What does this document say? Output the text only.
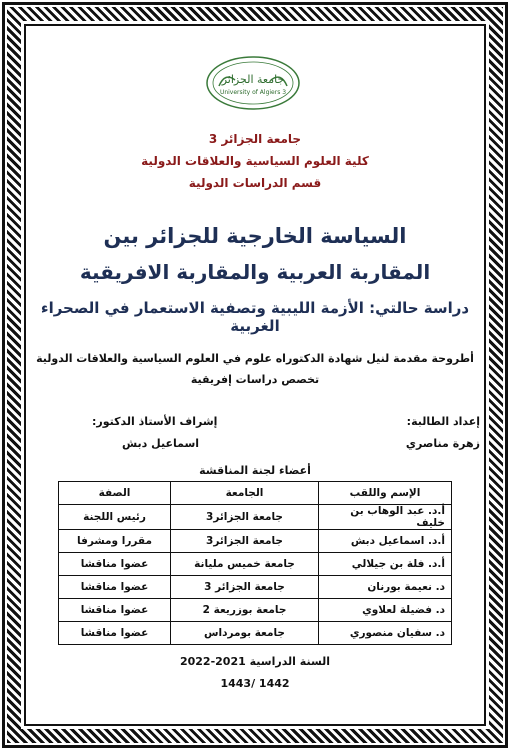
جامعة الجزائر
University of Algiers 3
جامعة الجزائر 3
كلية العلوم السياسية والعلاقات الدولية
قسم الدراسات الدولية
السياسة الخارجية للجزائر بين
المقاربة العربية والمقاربة الافريقية
دراسة حالتي: الأزمة الليبية وتصفية الاستعمار في الصحراء الغربية
أطروحة مقدمة لنيل شهادة الدكتوراه علوم في العلوم السياسية والعلاقات الدولية
تخصص دراسات إفريقية
إعداد الطالبة:
زهرة مناصري
إشراف الأستاذ الدكتور:
اسماعيل دبش
أعضاء لجنة المناقشة
الإسم واللقب	الجامعة	الصفة
أ.د. عبد الوهاب بن خليف	جامعة الجزائر3	رئيس اللجنة
أ.د. اسماعيل دبش	جامعة الجزائر3	مقررا ومشرفا
أ.د. فلة بن جيلالي	جامعة خميس مليانة	عضوا مناقشا
د. نعيمة بورنان	جامعة الجزائر 3	عضوا مناقشا
د. فضيلة لعلاوي	جامعة بوزريعة 2	عضوا مناقشا
د. سفيان منصوري	جامعة بومرداس	عضوا مناقشا
السنة الدراسية 2021-2022
1442 /1443
